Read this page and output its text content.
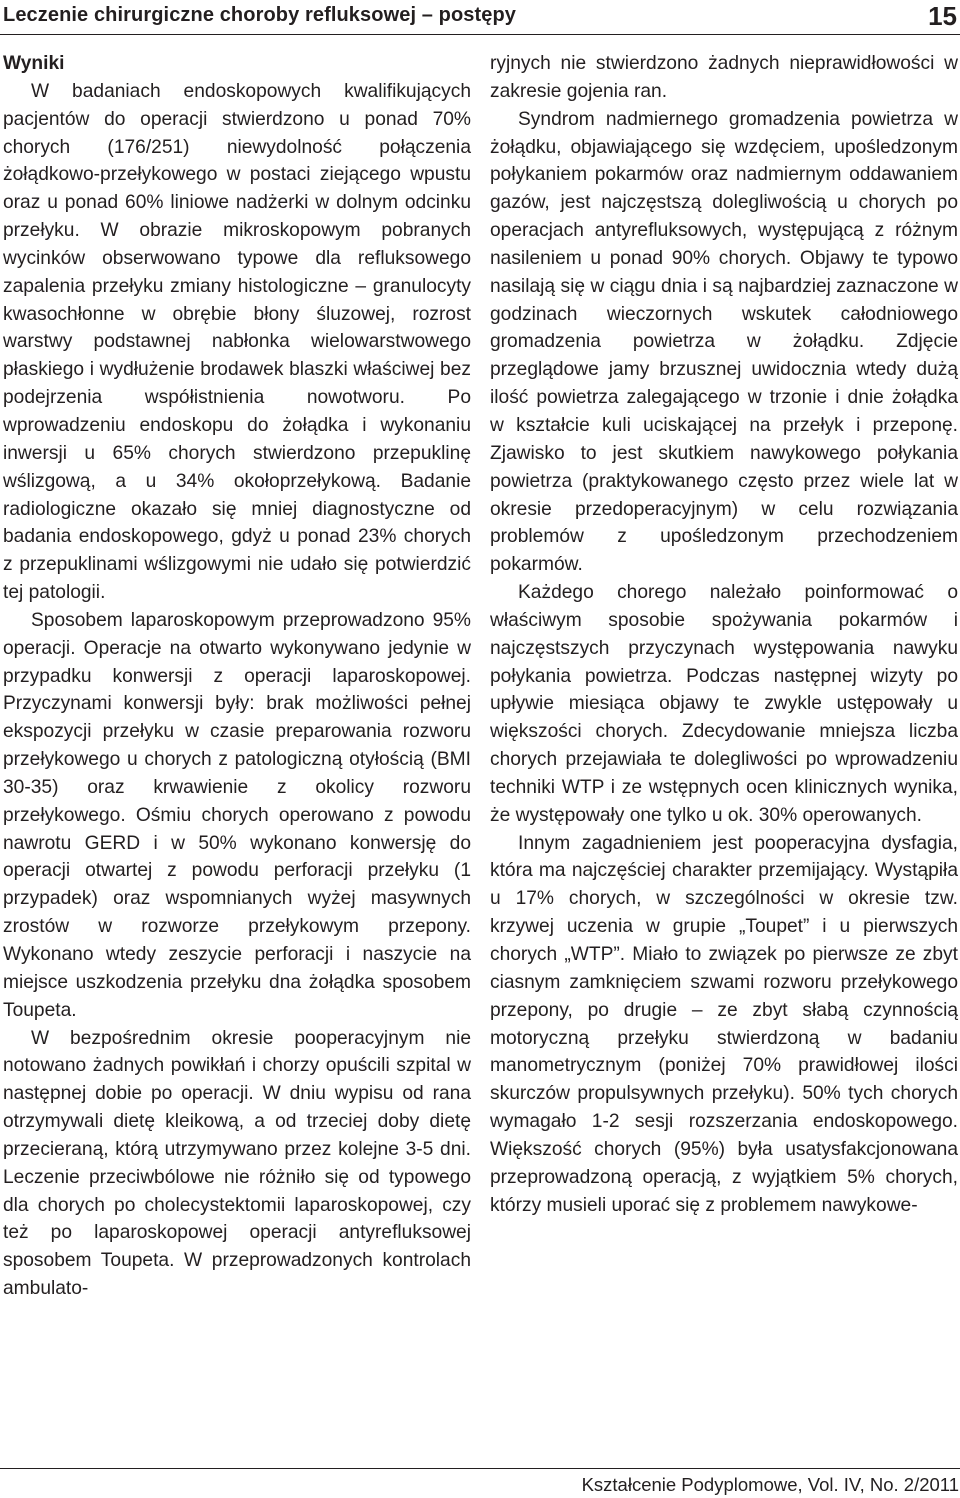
Leczenie chirurgiczne choroby refluksowej – postępy	15
Wyniki

W badaniach endoskopowych kwalifikujących pacjentów do operacji stwierdzono u ponad 70% chorych (176/251) niewydolność połączenia żołądkowo-przełykowego w postaci ziejącego wpustu oraz u ponad 60% liniowe nadżerki w dolnym odcinku przełyku. W obrazie mikroskopowym pobranych wycinków obserwowano typowe dla refluksowego zapalenia przełyku zmiany histologiczne – granulocyty kwasochłonne w obrębie błony śluzowej, rozrost warstwy podstawnej nabłonka wielowarstwowego płaskiego i wydłużenie brodawek blaszki właściwej bez podejrzenia współistnienia nowotworu. Po wprowadzeniu endoskopu do żołądka i wykonaniu inwersji u 65% chorych stwierdzono przepuklinę wślizgową, a u 34% okołoprzełykową. Badanie radiologiczne okazało się mniej diagnostyczne od badania endoskopowego, gdyż u ponad 23% chorych z przepuklinami wślizgowymi nie udało się potwierdzić tej patologii.

Sposobem laparoskopowym przeprowadzono 95% operacji. Operacje na otwarto wykonywano jedynie w przypadku konwersji z operacji laparoskopowej. Przyczynami konwersji były: brak możliwości pełnej ekspozycji przełyku w czasie preparowania rozworu przełykowego u chorych z patologiczną otyłością (BMI 30-35) oraz krwawienie z okolicy rozworu przełykowego. Ośmiu chorych operowano z powodu nawrotu GERD i w 50% wykonano konwersję do operacji otwartej z powodu perforacji przełyku (1 przypadek) oraz wspomnianych wyżej masywnych zrostów w rozworze przełykowym przepony. Wykonano wtedy zeszycie perforacji i naszycie na miejsce uszkodzenia przełyku dna żołądka sposobem Toupeta.

W bezpośrednim okresie pooperacyjnym nie notowano żadnych powikłań i chorzy opuścili szpital w następnej dobie po operacji. W dniu wypisu od rana otrzymywali dietę kleikową, a od trzeciej doby dietę przecieraną, którą utrzymywano przez kolejne 3-5 dni. Leczenie przeciwbólowe nie różniło się od typowego dla chorych po cholecystektomii laparoskopowej, czy też po laparoskopowej operacji antyrefluksowej sposobem Toupeta. W przeprowadzonych kontrolach ambulato-

ryjnych nie stwierdzono żadnych nieprawidłowości w zakresie gojenia ran.

Syndrom nadmiernego gromadzenia powietrza w żołądku, objawiającego się wzdęciem, upośledzonym połykaniem pokarmów oraz nadmiernym oddawaniem gazów, jest najczęstszą dolegliwością u chorych po operacjach antyrefluksowych, występującą z różnym nasileniem u ponad 90% chorych. Objawy te typowo nasilają się w ciągu dnia i są najbardziej zaznaczone w godzinach wieczornych wskutek całodniowego gromadzenia powietrza w żołądku. Zdjęcie przeglądowe jamy brzusznej uwidocznia wtedy dużą ilość powietrza zalegającego w trzonie i dnie żołądka w kształcie kuli uciskającej na przełyk i przeponę. Zjawisko to jest skutkiem nawykowego połykania powietrza (praktykowanego często przez wiele lat w okresie przedoperacyjnym) w celu rozwiązania problemów z upośledzonym przechodzeniem pokarmów.

Każdego chorego należało poinformować o właściwym sposobie spożywania pokarmów i najczęstszych przyczynach występowania nawyku połykania powietrza. Podczas następnej wizyty po upływie miesiąca objawy te zwykle ustępowały u większości chorych. Zdecydowanie mniejsza liczba chorych przejawiała te dolegliwości po wprowadzeniu techniki WTP i ze wstępnych ocen klinicznych wynika, że występowały one tylko u ok. 30% operowanych.

Innym zagadnieniem jest pooperacyjna dysfagia, która ma najczęściej charakter przemijający. Wystąpiła u 17% chorych, w szczególności w okresie tzw. krzywej uczenia w grupie „Toupet” i u pierwszych chorych „WTP”. Miało to związek po pierwsze ze zbyt ciasnym zamknięciem szwami rozworu przełykowego przepony, po drugie – ze zbyt słabą czynnością motoryczną przełyku stwierdzoną w badaniu manometrycznym (poniżej 70% prawidłowej ilości skurczów propulsywnych przełyku). 50% tych chorych wymagało 1-2 sesji rozszerzania endoskopowego. Większość chorych (95%) była usatysfakcjonowana przeprowadzoną operacją, z wyjątkiem 5% chorych, którzy musieli uporać się z problemem nawykowe-

Kształcenie Podyplomowe, Vol. IV, No. 2/2011
